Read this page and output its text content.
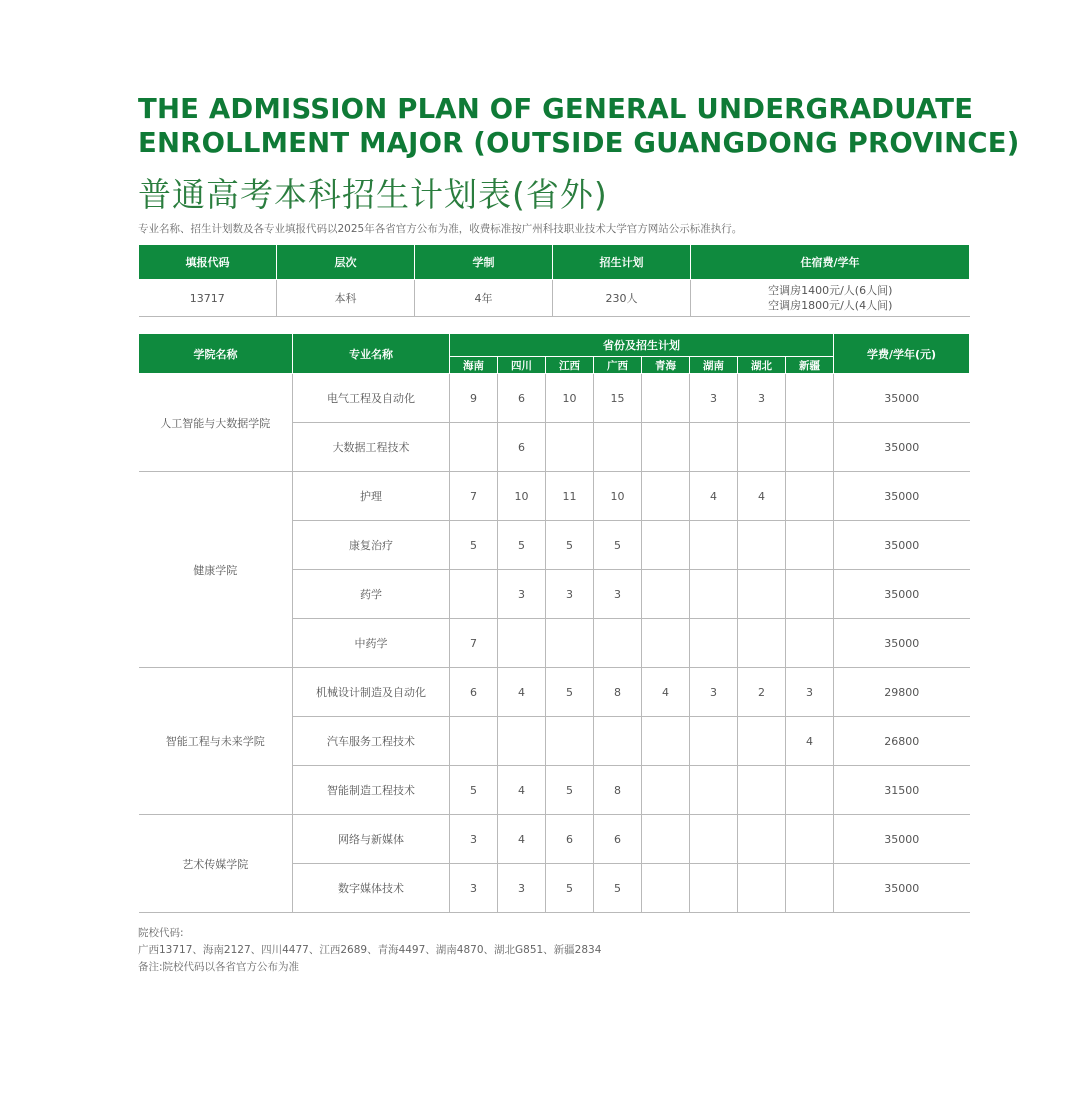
THE ADMISSION PLAN OF GENERAL UNDERGRADUATE
ENROLLMENT MAJOR (OUTSIDE GUANGDONG PROVINCE)
普通高考本科招生计划表(省外)

专业名称、招生计划数及各专业填报代码以2025年各省官方公布为准，收费标准按广州科技职业技术大学官方网站公示标准执行。

填报代码	层次	学制	招生计划	住宿费/学年
13717	本科	4年	230人	空调房1400元/人(6人间)
空调房1800元/人(4人间)
学院名称	专业名称	省份及招生计划								学费/学年(元)
		海南	四川	江西	广西	青海	湖南	湖北	新疆	
人工智能与大数据学院	电气工程及自动化	9	6	10	15		3	3		35000
	大数据工程技术		6							35000
健康学院	护理	7	10	11	10		4	4		35000
	康复治疗	5	5	5	5					35000
	药学		3	3	3					35000
	中药学	7								35000
智能工程与未来学院	机械设计制造及自动化	6	4	5	8	4	3	2	3	29800
	汽车服务工程技术								4	26800
	智能制造工程技术	5	4	5	8					31500
艺术传媒学院	网络与新媒体	3	4	6	6					35000
	数字媒体技术	3	3	5	5					35000
院校代码:
广西13717、海南2127、四川4477、江西2689、青海4497、湖南4870、湖北G851、新疆2834
备注:院校代码以各省官方公布为准
